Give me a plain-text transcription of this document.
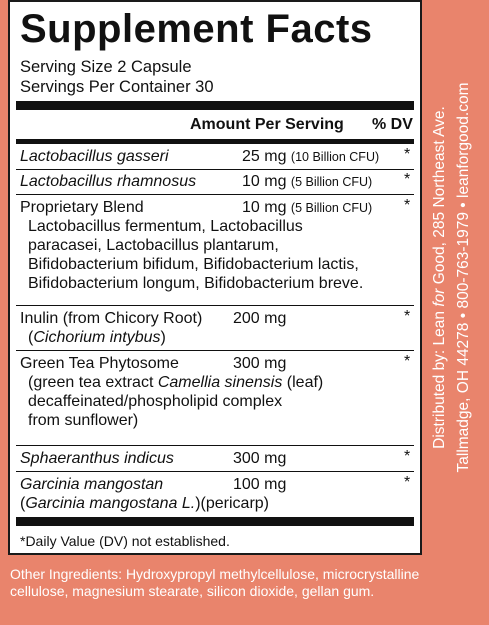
Supplement Facts
Serving Size 2 Capsule
Servings Per Container 30
Amount Per Serving % DV
Lactobacillus gasseri	25 mg (10 Billion CFU) *
Lactobacillus rhamnosus	10 mg (5 Billion CFU) *
Proprietary Blend	10 mg (5 Billion CFU) *
Lactobacillus fermentum, Lactobacillus
paracasei, Lactobacillus plantarum,
Bifidobacterium bifidum, Bifidobacterium lactis,
Bifidobacterium longum, Bifidobacterium breve.
Inulin (from Chicory Root) 200 mg	*
(Cichorium intybus)
Green Tea Phytosome	300 mg	*
(green tea extract Camellia sinensis (leaf)
decaffeinated/phospholipid complex
from sunflower)
Sphaeranthus indicus	300 mg	*
Garcinia mangostan	100 mg	*
(Garcinia mangostana L.)(pericarp)
*Daily Value (DV) not established.
Distributed by: Lean for Good, 285 Northeast Ave. Tallmadge, OH 44278 • 800-763-1979 • leanforgood.com
Other Ingredients: Hydroxypropyl methylcellulose, microcrystalline cellulose, magnesium stearate, silicon dioxide, gellan gum.
